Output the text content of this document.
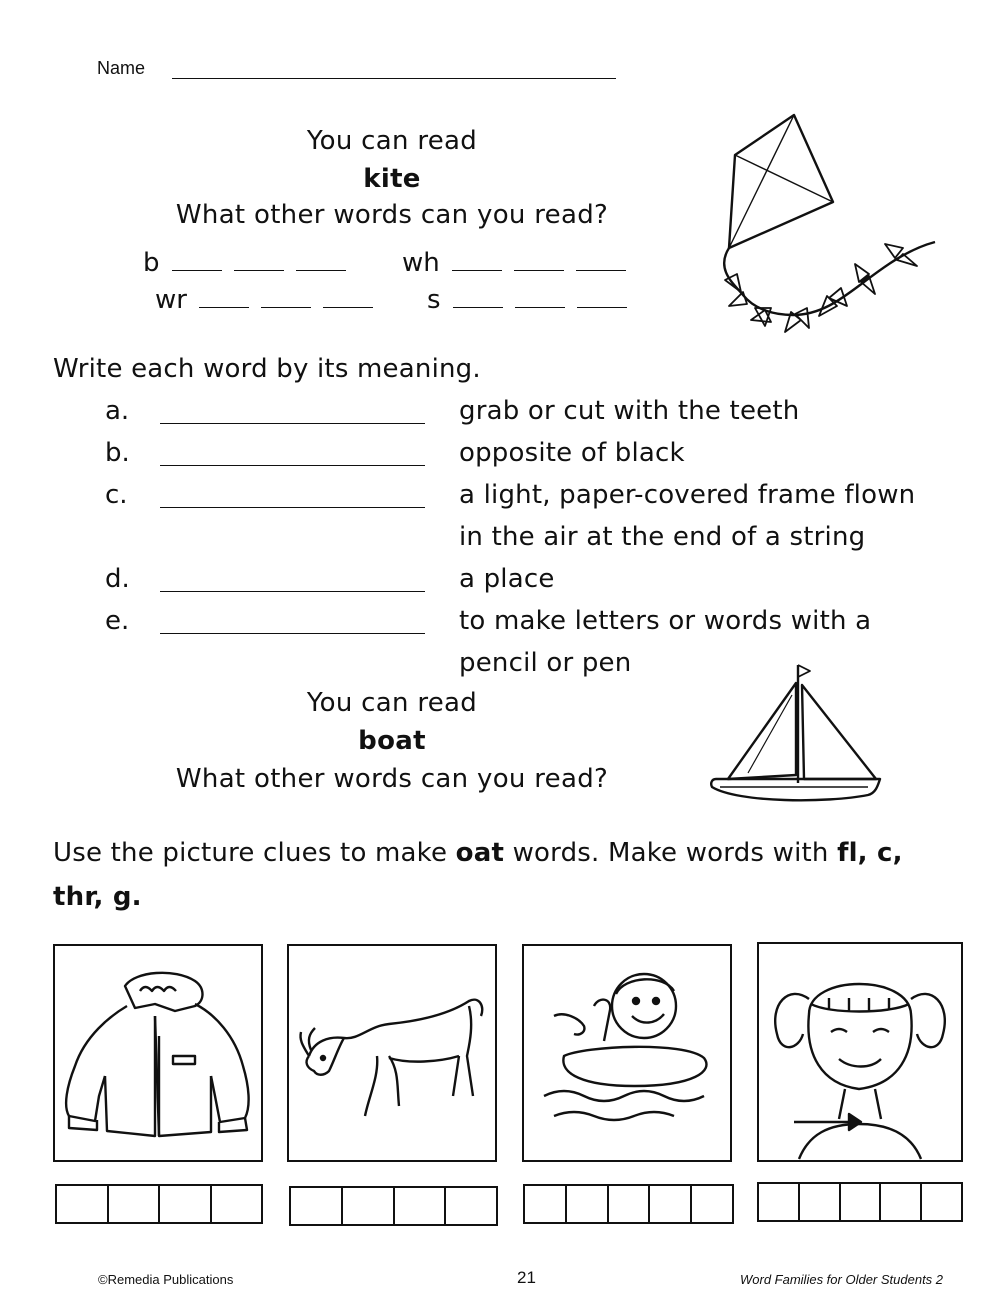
Name
You can read
kite
What other words can you read?
b	wh
wr	s
Write each word by its meaning.
a.	grab or cut with the teeth
b.	opposite of black
c.	a light, paper-covered frame flown
in the air at the end of a string
d.	a place
e.	to make letters or words with a
pencil or pen
You can read
boat
What other words can you read?
Use the picture clues to make oat words. Make words with fl, c,
thr, g.
©Remedia Publications	21	Word Families for Older Students 2
